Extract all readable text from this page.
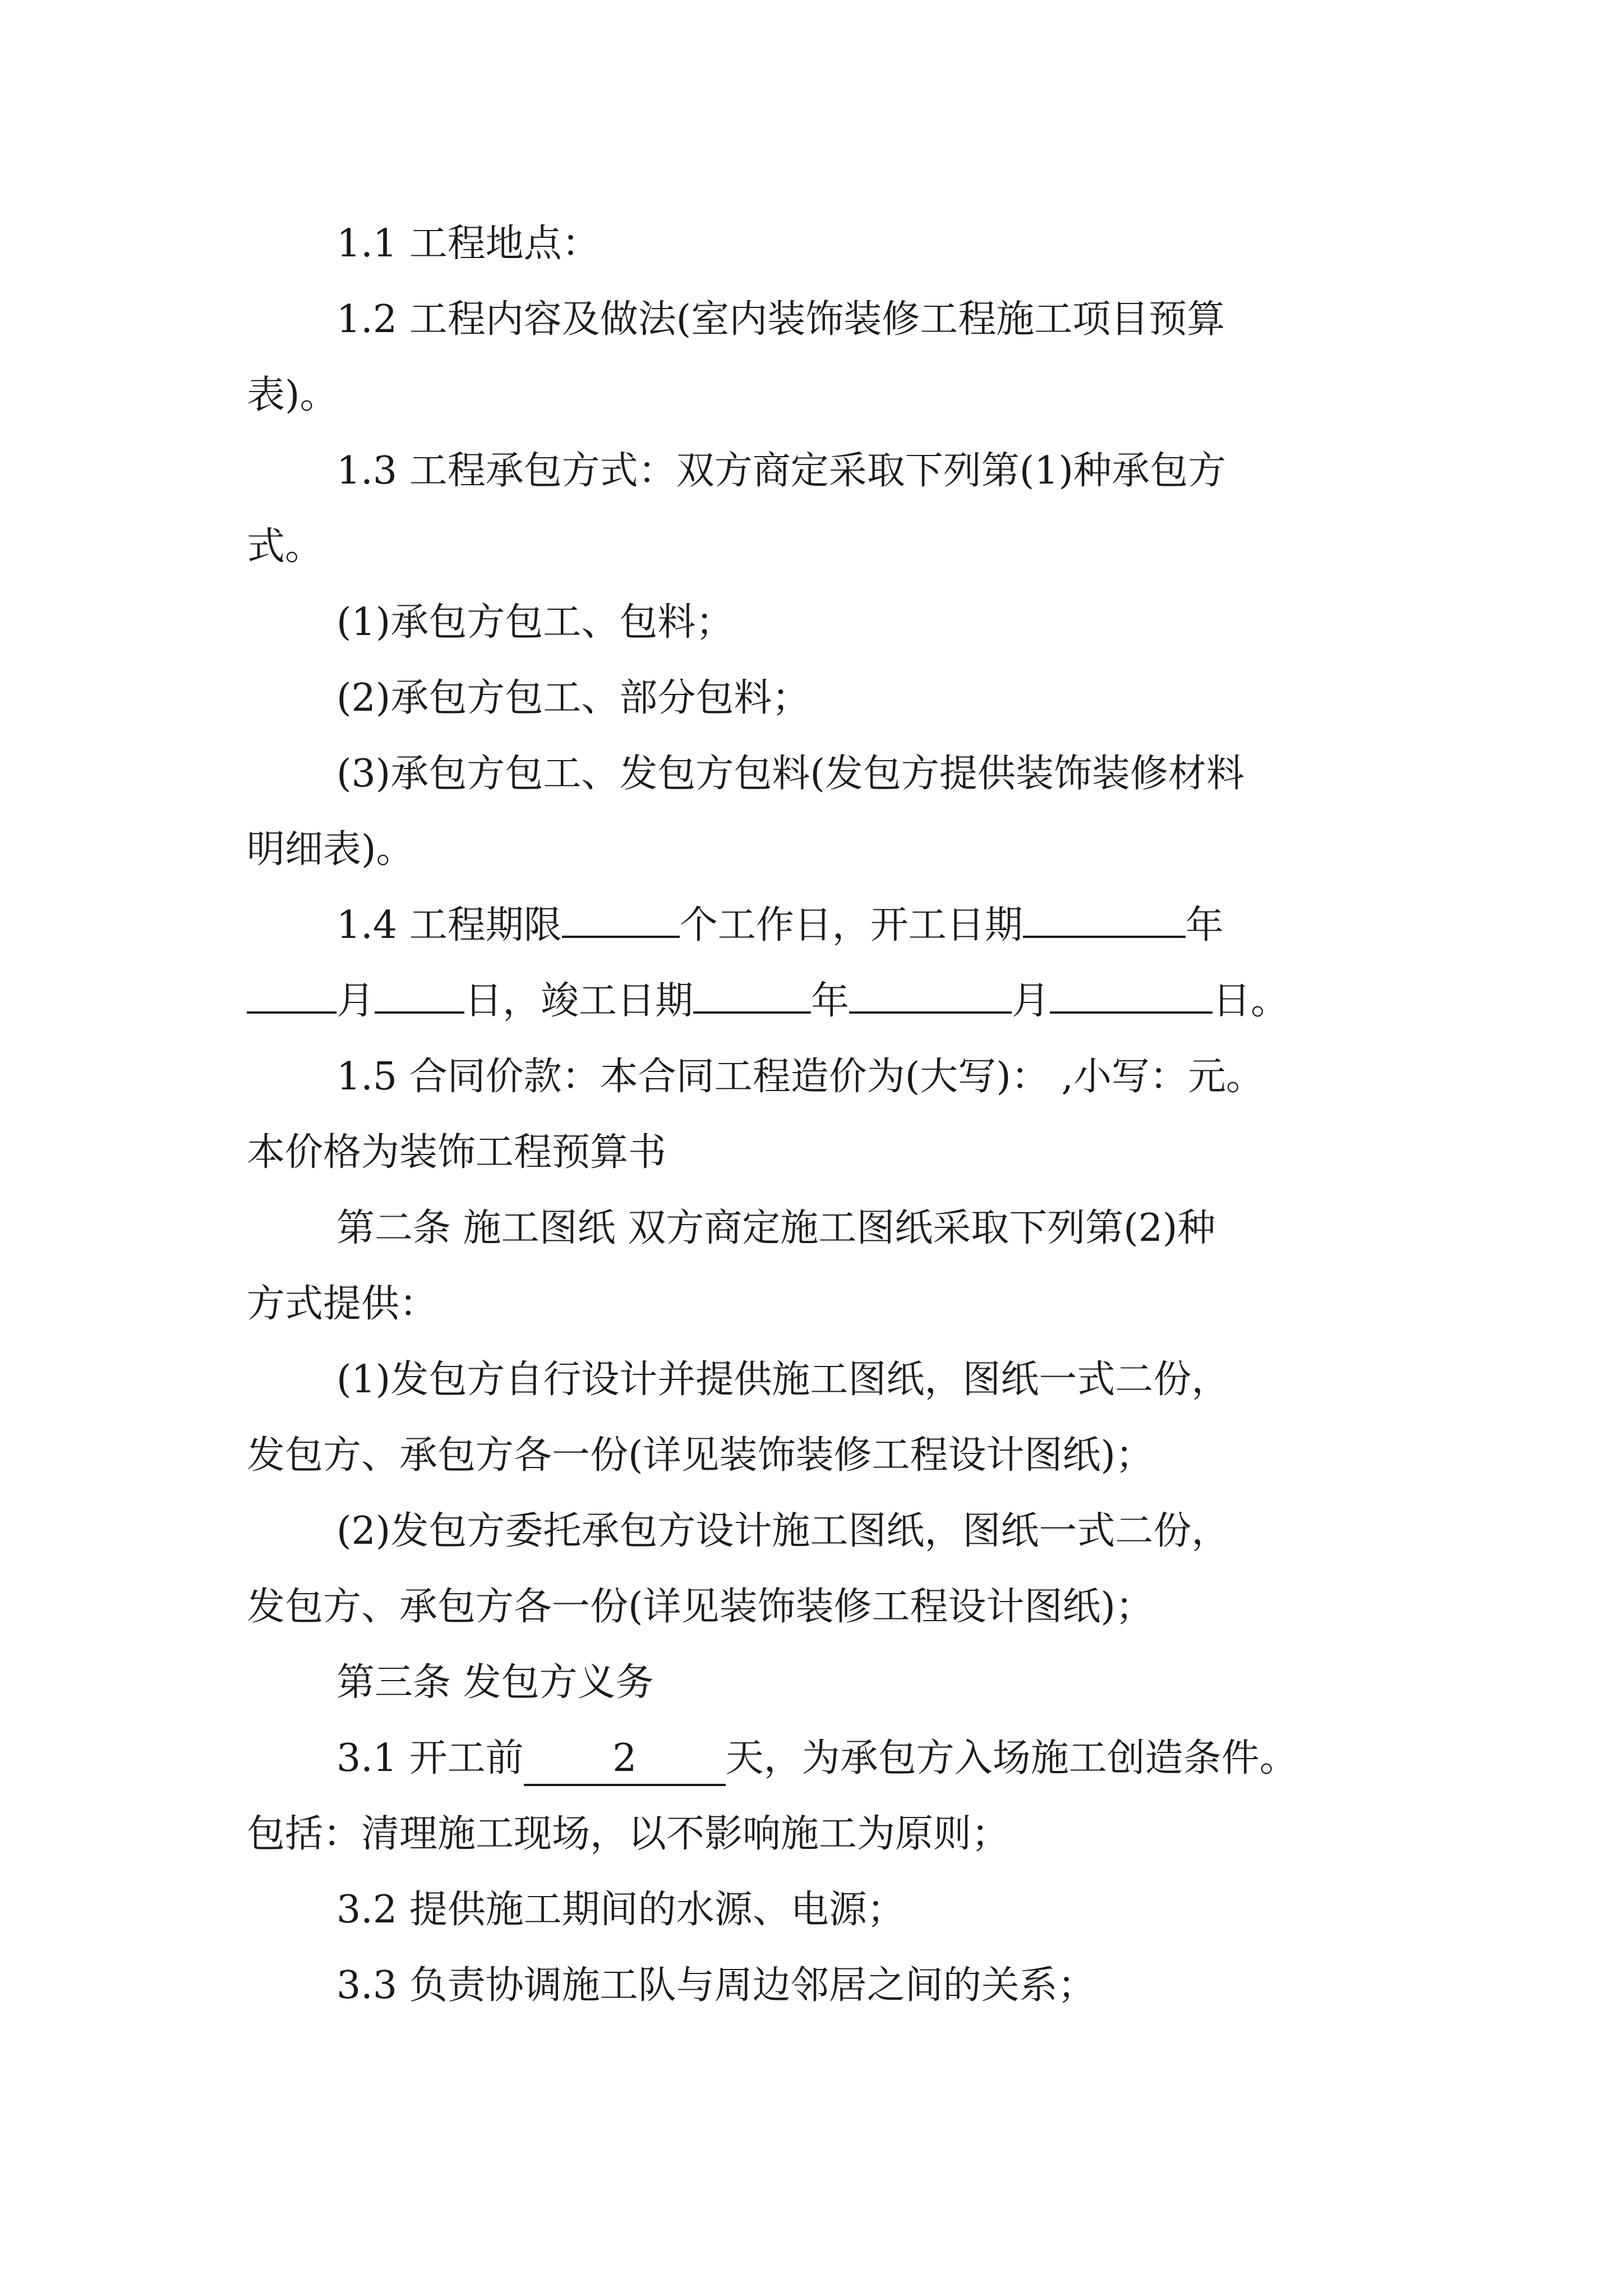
1.1 工程地点：
1.2 工程内容及做法(室内装饰装修工程施工项目预算
表)。
1.3 工程承包方式：双方商定采取下列第(1)种承包方
式。
(1)承包方包工、包料；
(2)承包方包工、部分包料；
(3)承包方包工、发包方包料(发包方提供装饰装修材料
明细表)。
1.4 工程期限	个工作日，开工日期	年
月 日，竣工日期	年	月	日。
1.5 合同价款：本合同工程造价为(大写)： ,小写：元。
本价格为装饰工程预算书
第二条 施工图纸 双方商定施工图纸采取下列第(2)种
方式提供：
(1)发包方自行设计并提供施工图纸，图纸一式二份，
发包方、承包方各一份(详见装饰装修工程设计图纸)；
(2)发包方委托承包方设计施工图纸，图纸一式二份，
发包方、承包方各一份(详见装饰装修工程设计图纸)；
第三条 发包方义务
3.1 开工前 2 天，为承包方入场施工创造条件。
包括：清理施工现场，以不影响施工为原则；
3.2 提供施工期间的水源、电源；
3.3 负责协调施工队与周边邻居之间的关系；
